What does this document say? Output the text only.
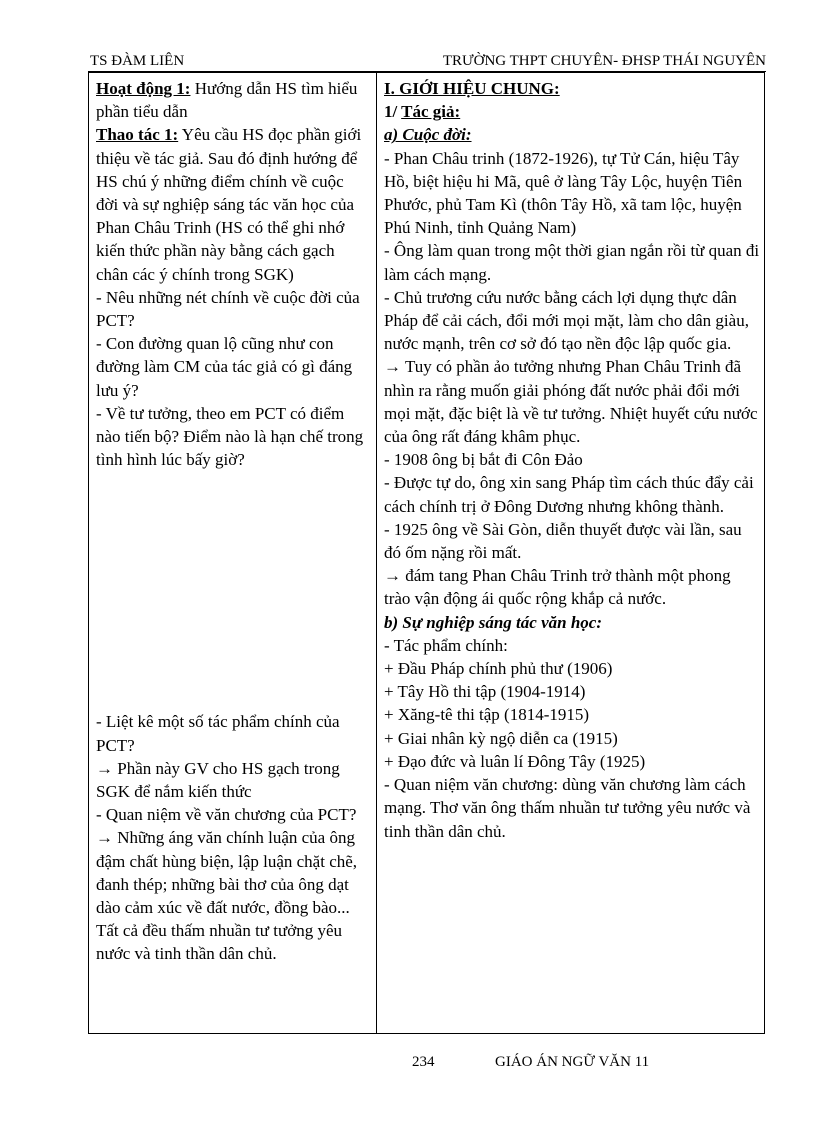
TS ĐÀM LIÊN	TRƯỜNG THPT CHUYÊN- ĐHSP THÁI NGUYÊN

Hoạt động 1: Hướng dẫn HS tìm hiểu phần tiểu dẫn

Thao tác 1: Yêu cầu HS đọc phần giới thiệu về tác giả. Sau đó định hướng để HS chú ý những điểm chính về cuộc đời và sự nghiệp sáng tác văn học của Phan Châu Trinh (HS có thể ghi nhớ kiến thức phần này bằng cách gạch chân các ý chính trong SGK)

- Nêu những nét chính về cuộc đời của PCT?

- Con đường quan lộ cũng như con đường làm CM của tác giả có gì đáng lưu ý?

- Về tư tưởng, theo em PCT có điểm nào tiến bộ? Điểm nào là hạn chế trong tình hình lúc bấy giờ?

- Liệt kê một số tác phẩm chính của PCT?

→ Phần này GV cho HS gạch trong SGK để nắm kiến thức

- Quan niệm về văn chương của PCT?

→ Những áng văn chính luận của ông đậm chất hùng biện, lập luận chặt chẽ, đanh thép; những bài thơ của ông dạt dào cảm xúc về đất nước, đồng bào... Tất cả đều thấm nhuần tư tưởng yêu nước và tinh thần dân chủ.

I. GIỚI HIỆU CHUNG:

1/ Tác giả:

a) Cuộc đời:

- Phan Châu trinh (1872-1926), tự Tử Cán, hiệu Tây Hồ, biệt hiệu hi Mã, quê ở làng Tây Lộc, huyện Tiên Phước, phủ Tam Kì (thôn Tây Hồ, xã tam lộc, huyện Phú Ninh, tỉnh Quảng Nam)

- Ông làm quan trong một thời gian ngắn rồi từ quan đi làm cách mạng.

- Chủ trương cứu nước bằng cách lợi dụng thực dân Pháp để cải cách, đổi mới mọi mặt, làm cho dân giàu, nước mạnh, trên cơ sở đó tạo nền độc lập quốc gia.

→ Tuy có phần ảo tưởng nhưng Phan Châu Trinh đã nhìn ra rằng muốn giải phóng đất nước phải đổi mới mọi mặt, đặc biệt là về tư tưởng. Nhiệt huyết cứu nước của ông rất đáng khâm phục.

- 1908 ông bị bắt đi Côn Đảo

- Được tự do, ông xin sang Pháp tìm cách thúc đẩy cải cách chính trị ở Đông Dương nhưng không thành.

- 1925 ông về Sài Gòn, diễn thuyết được vài lần, sau đó ốm nặng rồi mất.

→ đám tang Phan Châu Trinh trở thành một phong trào vận động ái quốc rộng khắp cả nước.

b) Sự nghiệp sáng tác văn học:

- Tác phẩm chính:

+ Đầu Pháp chính phủ thư (1906)

+ Tây Hồ thi tập (1904-1914)

+ Xăng-tê thi tập (1814-1915)

+ Giai nhân kỳ ngộ diễn ca (1915)

+ Đạo đức và luân lí Đông Tây (1925)

- Quan niệm văn chương: dùng văn chương làm cách mạng. Thơ văn ông thấm nhuần tư tưởng yêu nước và tinh thần dân chủ.

234	GIÁO ÁN NGỮ VĂN 11
